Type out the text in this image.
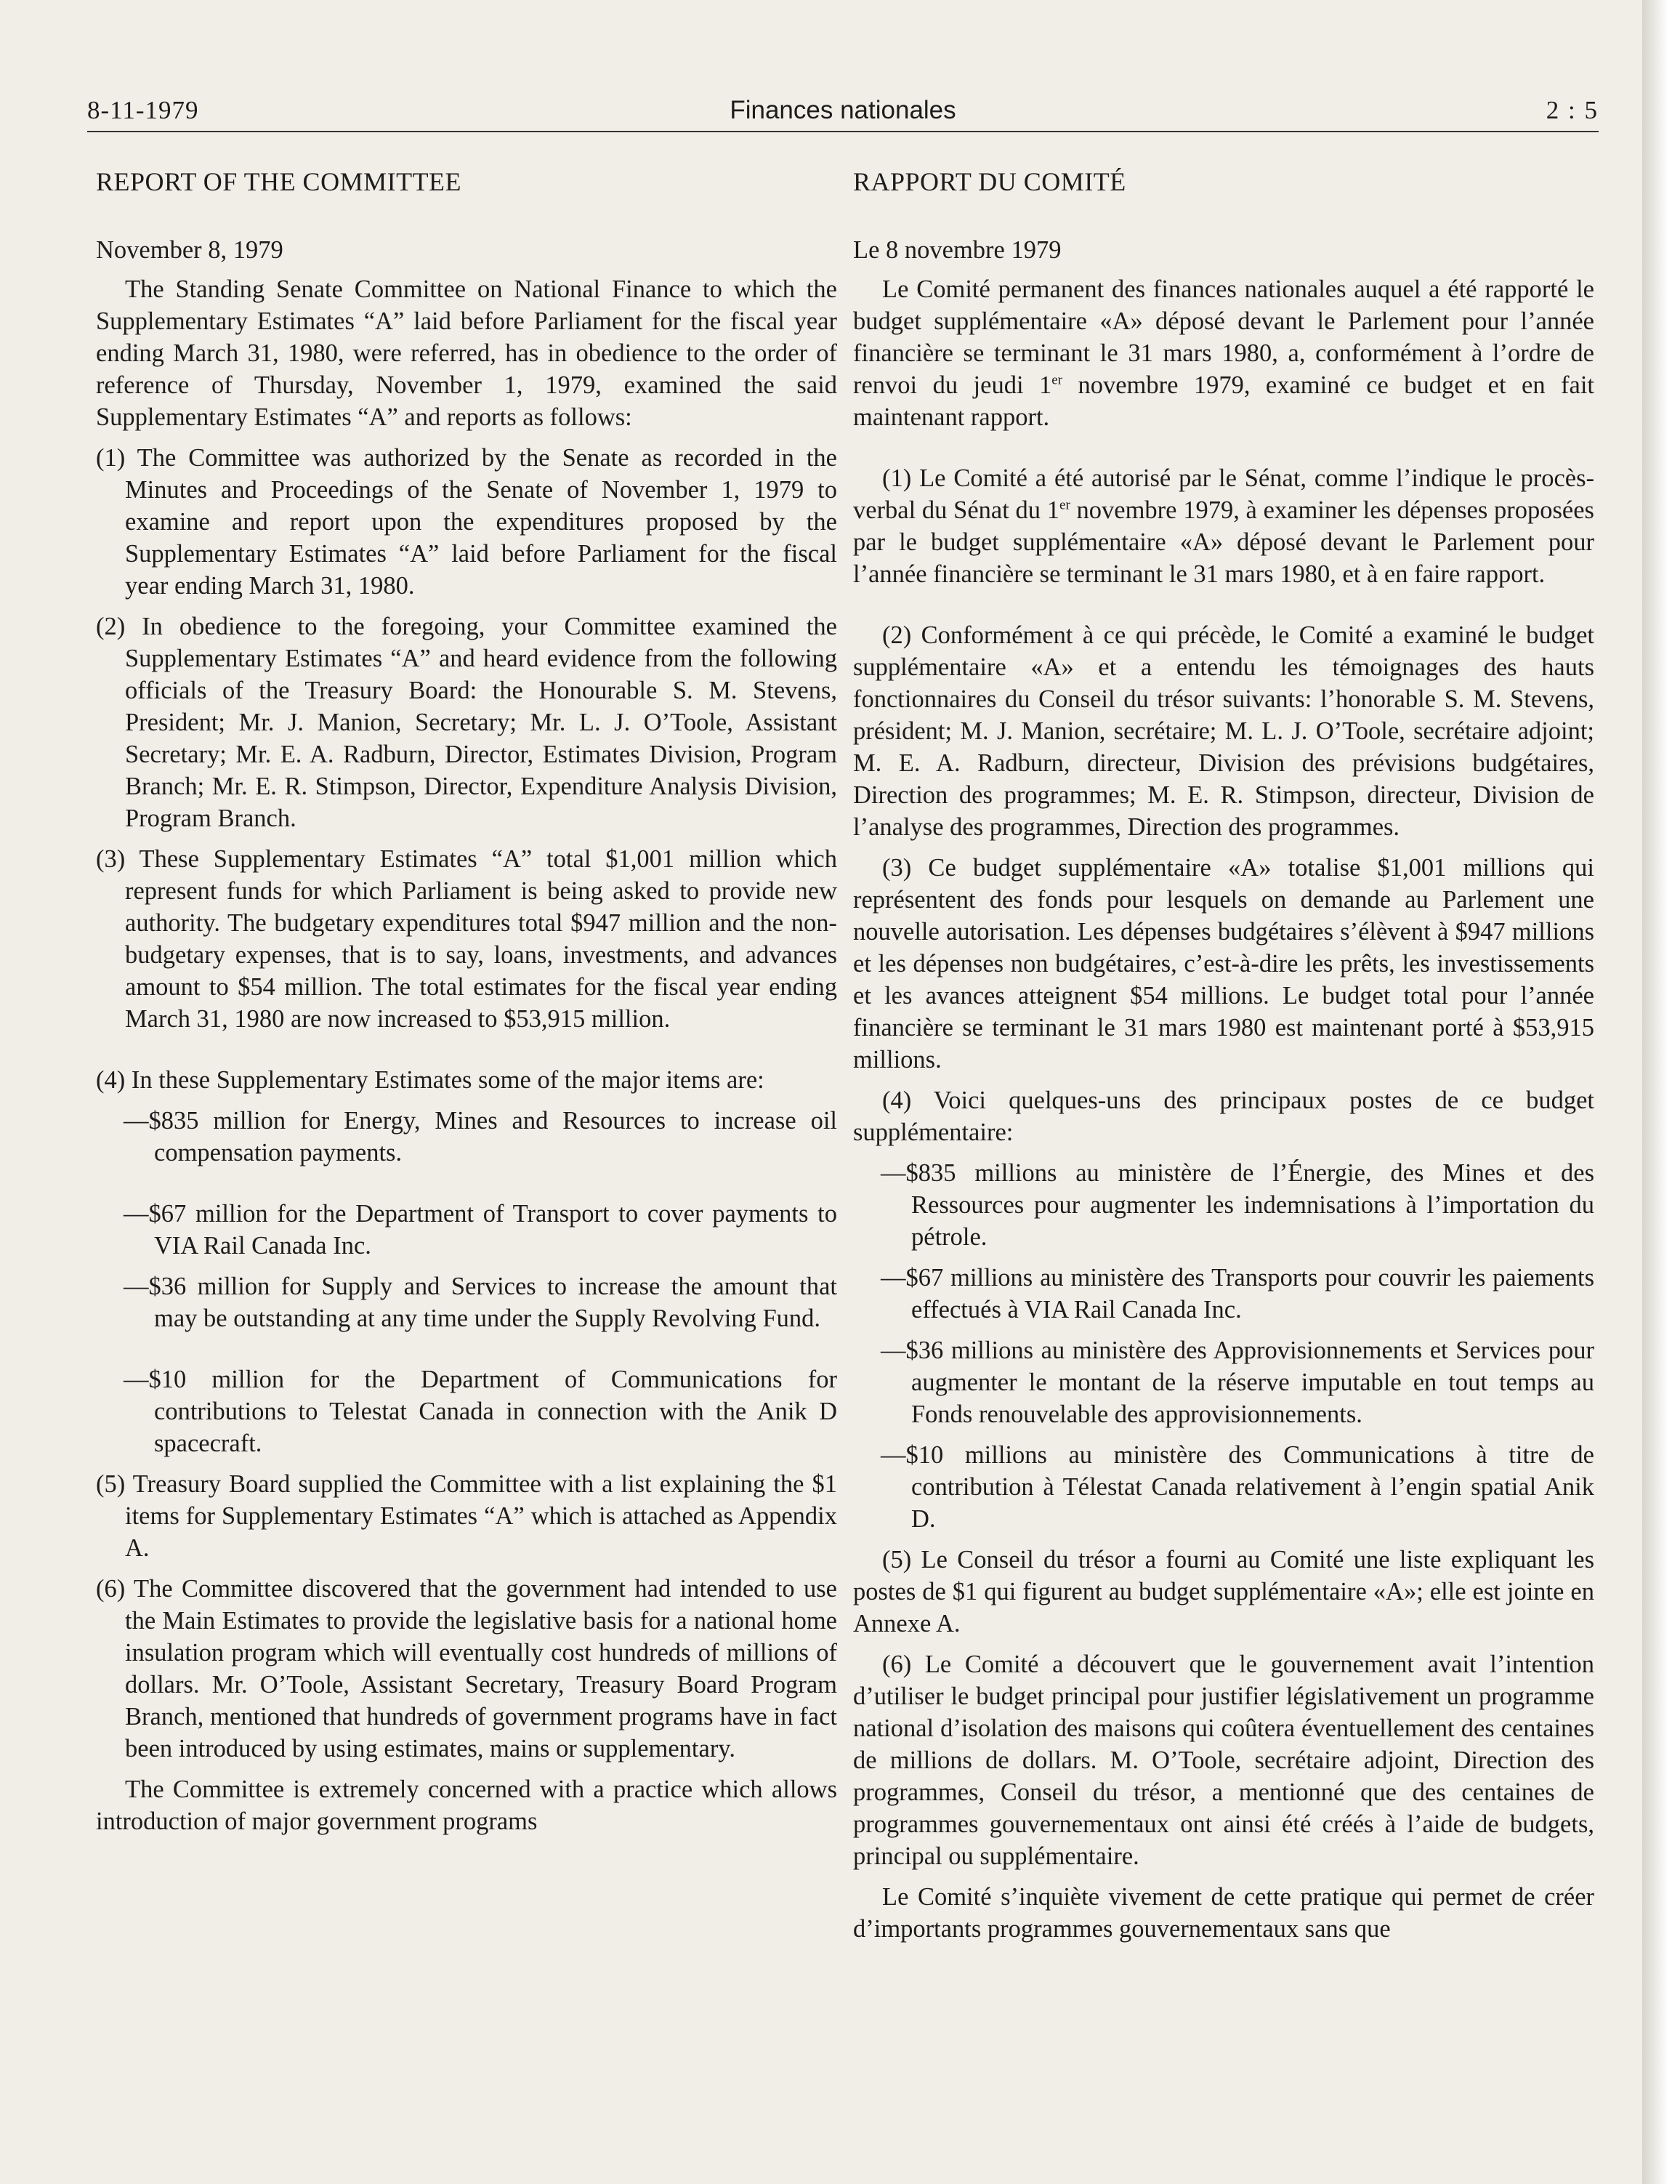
8-11-1979	Finances nationales	2 : 5
REPORT OF THE COMMITTEE
November 8, 1979

The Standing Senate Committee on National Finance to which the Supplementary Estimates “A” laid before Parliament for the fiscal year ending March 31, 1980, were referred, has in obedience to the order of reference of Thursday, November 1, 1979, examined the said Supplementary Estimates “A” and reports as follows:

(1) The Committee was authorized by the Senate as recorded in the Minutes and Proceedings of the Senate of November 1, 1979 to examine and report upon the expenditures proposed by the Supplementary Estimates “A” laid before Parliament for the fiscal year ending March 31, 1980.

(2) In obedience to the foregoing, your Committee examined the Supplementary Estimates “A” and heard evidence from the following officials of the Treasury Board: the Honourable S. M. Stevens, President; Mr. J. Manion, Secretary; Mr. L. J. O’Toole, Assistant Secretary; Mr. E. A. Radburn, Director, Estimates Division, Program Branch; Mr. E. R. Stimpson, Director, Expenditure Analysis Division, Program Branch.

(3) These Supplementary Estimates “A” total $1,001 million which represent funds for which Parliament is being asked to provide new authority. The budgetary expenditures total $947 million and the non-budgetary expenses, that is to say, loans, investments, and advances amount to $54 million. The total estimates for the fiscal year ending March 31, 1980 are now increased to $53,915 million.

(4) In these Supplementary Estimates some of the major items are:

—$835 million for Energy, Mines and Resources to increase oil compensation payments.

—$67 million for the Department of Transport to cover payments to VIA Rail Canada Inc.

—$36 million for Supply and Services to increase the amount that may be outstanding at any time under the Supply Revolving Fund.

—$10 million for the Department of Communications for contributions to Telestat Canada in connection with the Anik D spacecraft.

(5) Treasury Board supplied the Committee with a list explaining the $1 items for Supplementary Estimates “A” which is attached as Appendix A.

(6) The Committee discovered that the government had intended to use the Main Estimates to provide the legislative basis for a national home insulation program which will eventually cost hundreds of millions of dollars. Mr. O’Toole, Assistant Secretary, Treasury Board Program Branch, mentioned that hundreds of government programs have in fact been introduced by using estimates, mains or supplementary.

The Committee is extremely concerned with a practice which allows introduction of major government programs

RAPPORT DU COMITÉ
Le 8 novembre 1979

Le Comité permanent des finances nationales auquel a été rapporté le budget supplémentaire «A» déposé devant le Parlement pour l’année financière se terminant le 31 mars 1980, a, conformément à l’ordre de renvoi du jeudi 1er novembre 1979, examiné ce budget et en fait maintenant rapport.

(1) Le Comité a été autorisé par le Sénat, comme l’indique le procès-verbal du Sénat du 1er novembre 1979, à examiner les dépenses proposées par le budget supplémentaire «A» déposé devant le Parlement pour l’année financière se terminant le 31 mars 1980, et à en faire rapport.

(2) Conformément à ce qui précède, le Comité a examiné le budget supplémentaire «A» et a entendu les témoignages des hauts fonctionnaires du Conseil du trésor suivants: l’honorable S. M. Stevens, président; M. J. Manion, secrétaire; M. L. J. O’Toole, secrétaire adjoint; M. E. A. Radburn, directeur, Division des prévisions budgétaires, Direction des programmes; M. E. R. Stimpson, directeur, Division de l’analyse des programmes, Direction des programmes.

(3) Ce budget supplémentaire «A» totalise $1,001 millions qui représentent des fonds pour lesquels on demande au Parlement une nouvelle autorisation. Les dépenses budgétaires s’élèvent à $947 millions et les dépenses non budgétaires, c’est-à-dire les prêts, les investissements et les avances atteignent $54 millions. Le budget total pour l’année financière se terminant le 31 mars 1980 est maintenant porté à $53,915 millions.

(4) Voici quelques-uns des principaux postes de ce budget supplémentaire:

—$835 millions au ministère de l’Énergie, des Mines et des Ressources pour augmenter les indemnisations à l’importation du pétrole.

—$67 millions au ministère des Transports pour couvrir les paiements effectués à VIA Rail Canada Inc.

—$36 millions au ministère des Approvisionnements et Services pour augmenter le montant de la réserve imputable en tout temps au Fonds renouvelable des approvisionnements.

—$10 millions au ministère des Communications à titre de contribution à Télestat Canada relativement à l’engin spatial Anik D.

(5) Le Conseil du trésor a fourni au Comité une liste expliquant les postes de $1 qui figurent au budget supplémentaire «A»; elle est jointe en Annexe A.

(6) Le Comité a découvert que le gouvernement avait l’intention d’utiliser le budget principal pour justifier législativement un programme national d’isolation des maisons qui coûtera éventuellement des centaines de millions de dollars. M. O’Toole, secrétaire adjoint, Direction des programmes, Conseil du trésor, a mentionné que des centaines de programmes gouvernementaux ont ainsi été créés à l’aide de budgets, principal ou supplémentaire.

Le Comité s’inquiète vivement de cette pratique qui permet de créer d’importants programmes gouvernementaux sans que
